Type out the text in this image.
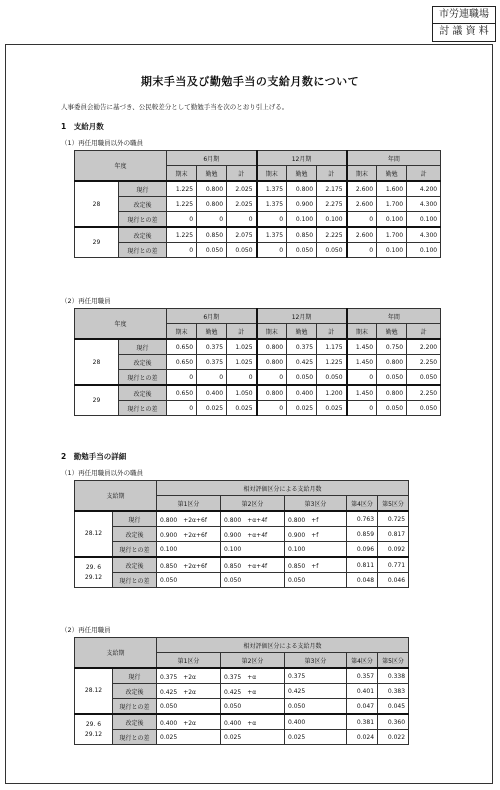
市労連職場
討 議 資 料
期末手当及び勤勉手当の支給月数について
人事委員会勧告に基づき、公民較差分として勤勉手当を次のとおり引上げる。
1　支給月数
（1）再任用職員以外の職員
年度		6月期			12月期			年間		
		期末	勤勉	計	期末	勤勉	計	期末	勤勉	計
28	現行	1.225	0.800	2.025	1.375	0.800	2.175	2.600	1.600	4.200
	改定後	1.225	0.800	2.025	1.375	0.900	2.275	2.600	1.700	4.300
	現行との差	0	0	0	0	0.100	0.100	0	0.100	0.100
29	改定後	1.225	0.850	2.075	1.375	0.850	2.225	2.600	1.700	4.300
	現行との差	0	0.050	0.050	0	0.050	0.050	0	0.100	0.100
（2）再任用職員
年度		6月期			12月期			年間		
		期末	勤勉	計	期末	勤勉	計	期末	勤勉	計
28	現行	0.650	0.375	1.025	0.800	0.375	1.175	1.450	0.750	2.200
	改定後	0.650	0.375	1.025	0.800	0.425	1.225	1.450	0.800	2.250
	現行との差	0	0	0	0	0.050	0.050	0	0.050	0.050
29	改定後	0.650	0.400	1.050	0.800	0.400	1.200	1.450	0.800	2.250
	現行との差	0	0.025	0.025	0	0.025	0.025	0	0.050	0.050
2　勤勉手当の詳細
（1）再任用職員以外の職員
支給期		相対評価区分による支給月数				
		第1区分	第2区分	第3区分	第4区分	第5区分
28.12	現行	0.800　+2α+6f	0.800　+α+4f	0.800　+f	0.763	0.725
	改定後	0.900　+2α+6f	0.900　+α+4f	0.900　+f	0.859	0.817
	現行との差	0.100	0.100	0.100	0.096	0.092
29. 6
29.12	改定後	0.850　+2α+6f	0.850　+α+4f	0.850　+f	0.811	0.771
	現行との差	0.050	0.050	0.050	0.048	0.046
（2）再任用職員
支給期		相対評価区分による支給月数				
		第1区分	第2区分	第3区分	第4区分	第5区分
28.12	現行	0.375　+2α	0.375　+α	0.375	0.357	0.338
	改定後	0.425　+2α	0.425　+α	0.425	0.401	0.383
	現行との差	0.050	0.050	0.050	0.047	0.045
29. 6
29.12	改定後	0.400　+2α	0.400　+α	0.400	0.381	0.360
	現行との差	0.025	0.025	0.025	0.024	0.022
